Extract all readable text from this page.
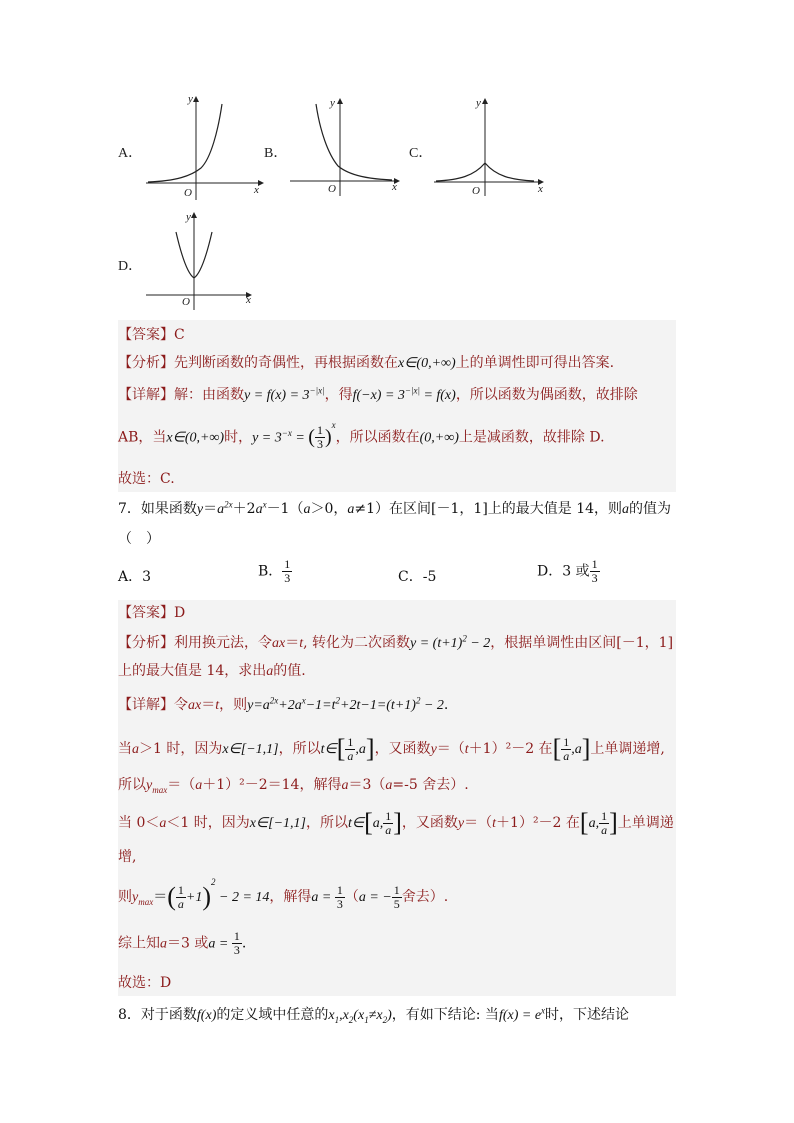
A．
y
x
O
B．
y
x
O
C．
y
x
O
D．
y
x
O
【答案】C
【分析】先判断函数的奇偶性，再根据函数在x∈(0,+∞)上的单调性即可得出答案.
【详解】解：由函数$y = f(x) = 3^{-|x|}$，得$f(-x) = 3^{-|x|} = f(x)$，所以函数为偶函数，故排除
AB，当x∈(0,+∞)时，$y = 3^{-x}$ = ( $\frac{1}{3} )^x$，所以函数在(0,+∞)上是减函数，故排除 D.
故选：C.
7．如果函数$y=a^{2x}+2a^x-1(a>0$，a≠1）在区间[－1，1]上的最大值是 14，则a的值为
（　）
A．3	B． $\frac{1}{3}$	C．-5	D．3 或 $\frac{1}{3}$
【答案】D
【分析】利用换元法，令ax＝t, 转化为二次函数$y = (t+1)^2 - 2$，根据单调性由区间[－1，1]
上的最大值是 14，求出a的值.
【详解】令ax＝t，则$y=a^{2x}+2a^x-1=t^2+2t-1=(t+1)^2 - 2$.
当a＞1 时，因为x∈[−1,1]，所以t∈[ $\frac{1}{a} ,a$]，又函数y＝（t＋1）²－2 在[ $\frac{1}{a} ,a$]上单调递增,
所以$y_{max}=(a+1)^2-2=14$，解得a＝3（a=-5 舍去）.
当 0＜a＜1 时，因为x∈[−1,1]，所以t∈[a, $\frac{1}{a}$ ]，又函数y＝（t＋1）²－2 在[a, $\frac{1}{a}$ ]上单调递
增,
则$y_{max}=( \frac{1}{a} +1)^2 - 2 = 14$，解得$a = \frac{1}{3} (a$ = − $\frac{1}{5}$ 舍去）.
综上知a＝3 或$a = \frac{1}{3}$ .
故选：D
8．对于函数f(x)的定义域中任意的$x_1,x_2(x_1\ne x_2)$，有如下结论: 当$f(x) = e^x$时，下述结论
